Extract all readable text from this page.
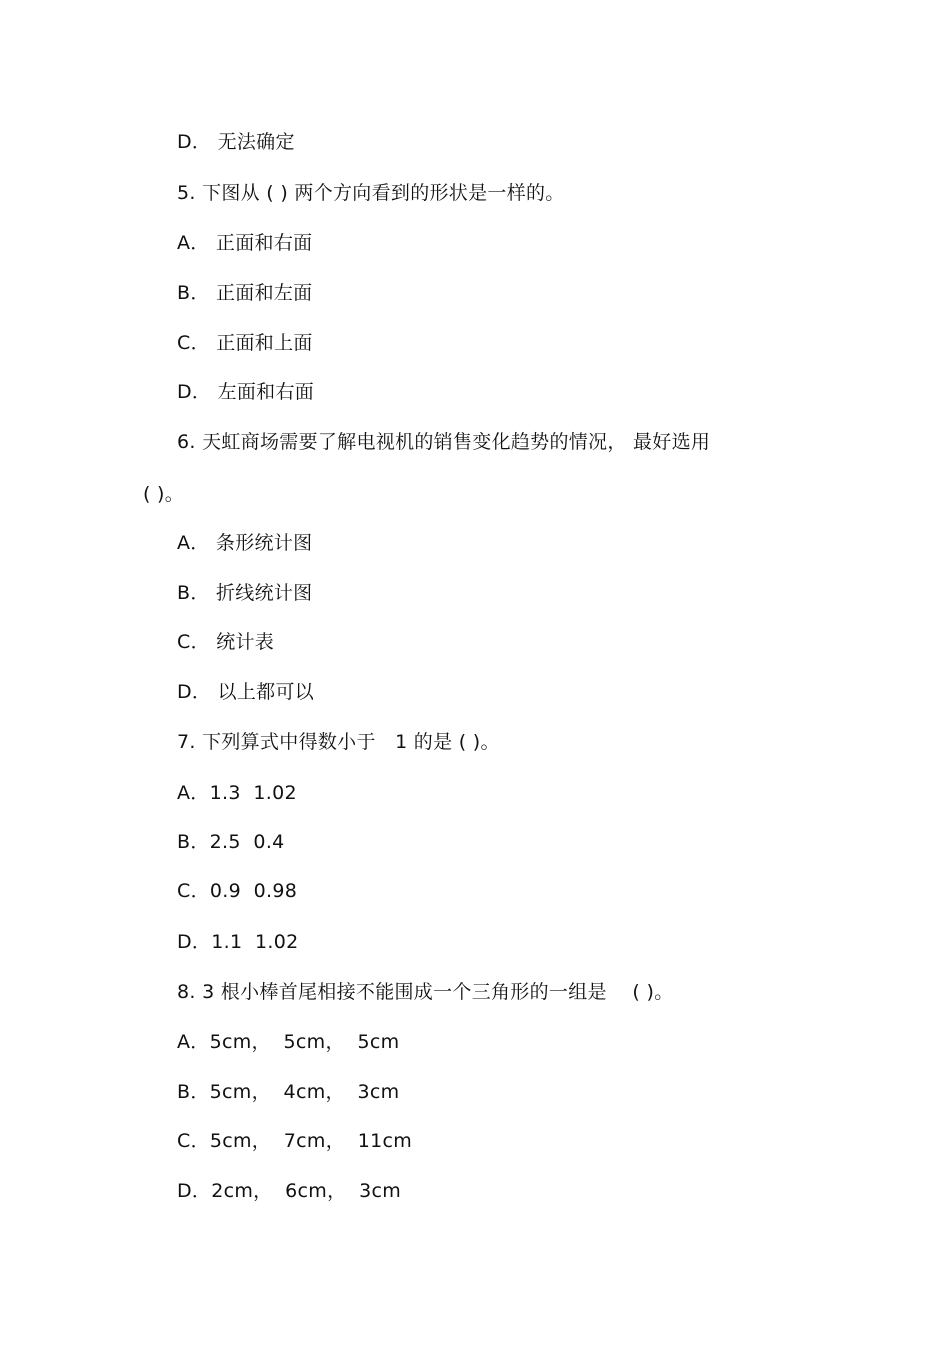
D． 无法确定
5. 下图从 ( ) 两个方向看到的形状是一样的。
A． 正面和右面
B． 正面和左面
C． 正面和上面
D． 左面和右面
6. 天虹商场需要了解电视机的销售变化趋势的情况， 最好选用
( )。
A． 条形统计图
B． 折线统计图
C． 统计表
D． 以上都可以
7. 下列算式中得数小于　1 的是 ( )。
A．1.3  1.02
B．2.5  0.4
C．0.9  0.98
D．1.1  1.02
8. 3 根小棒首尾相接不能围成一个三角形的一组是　 ( )。
A．5cm，  5cm，  5cm
B．5cm，  4cm，  3cm
C．5cm，  7cm，  11cm
D．2cm，  6cm，  3cm
